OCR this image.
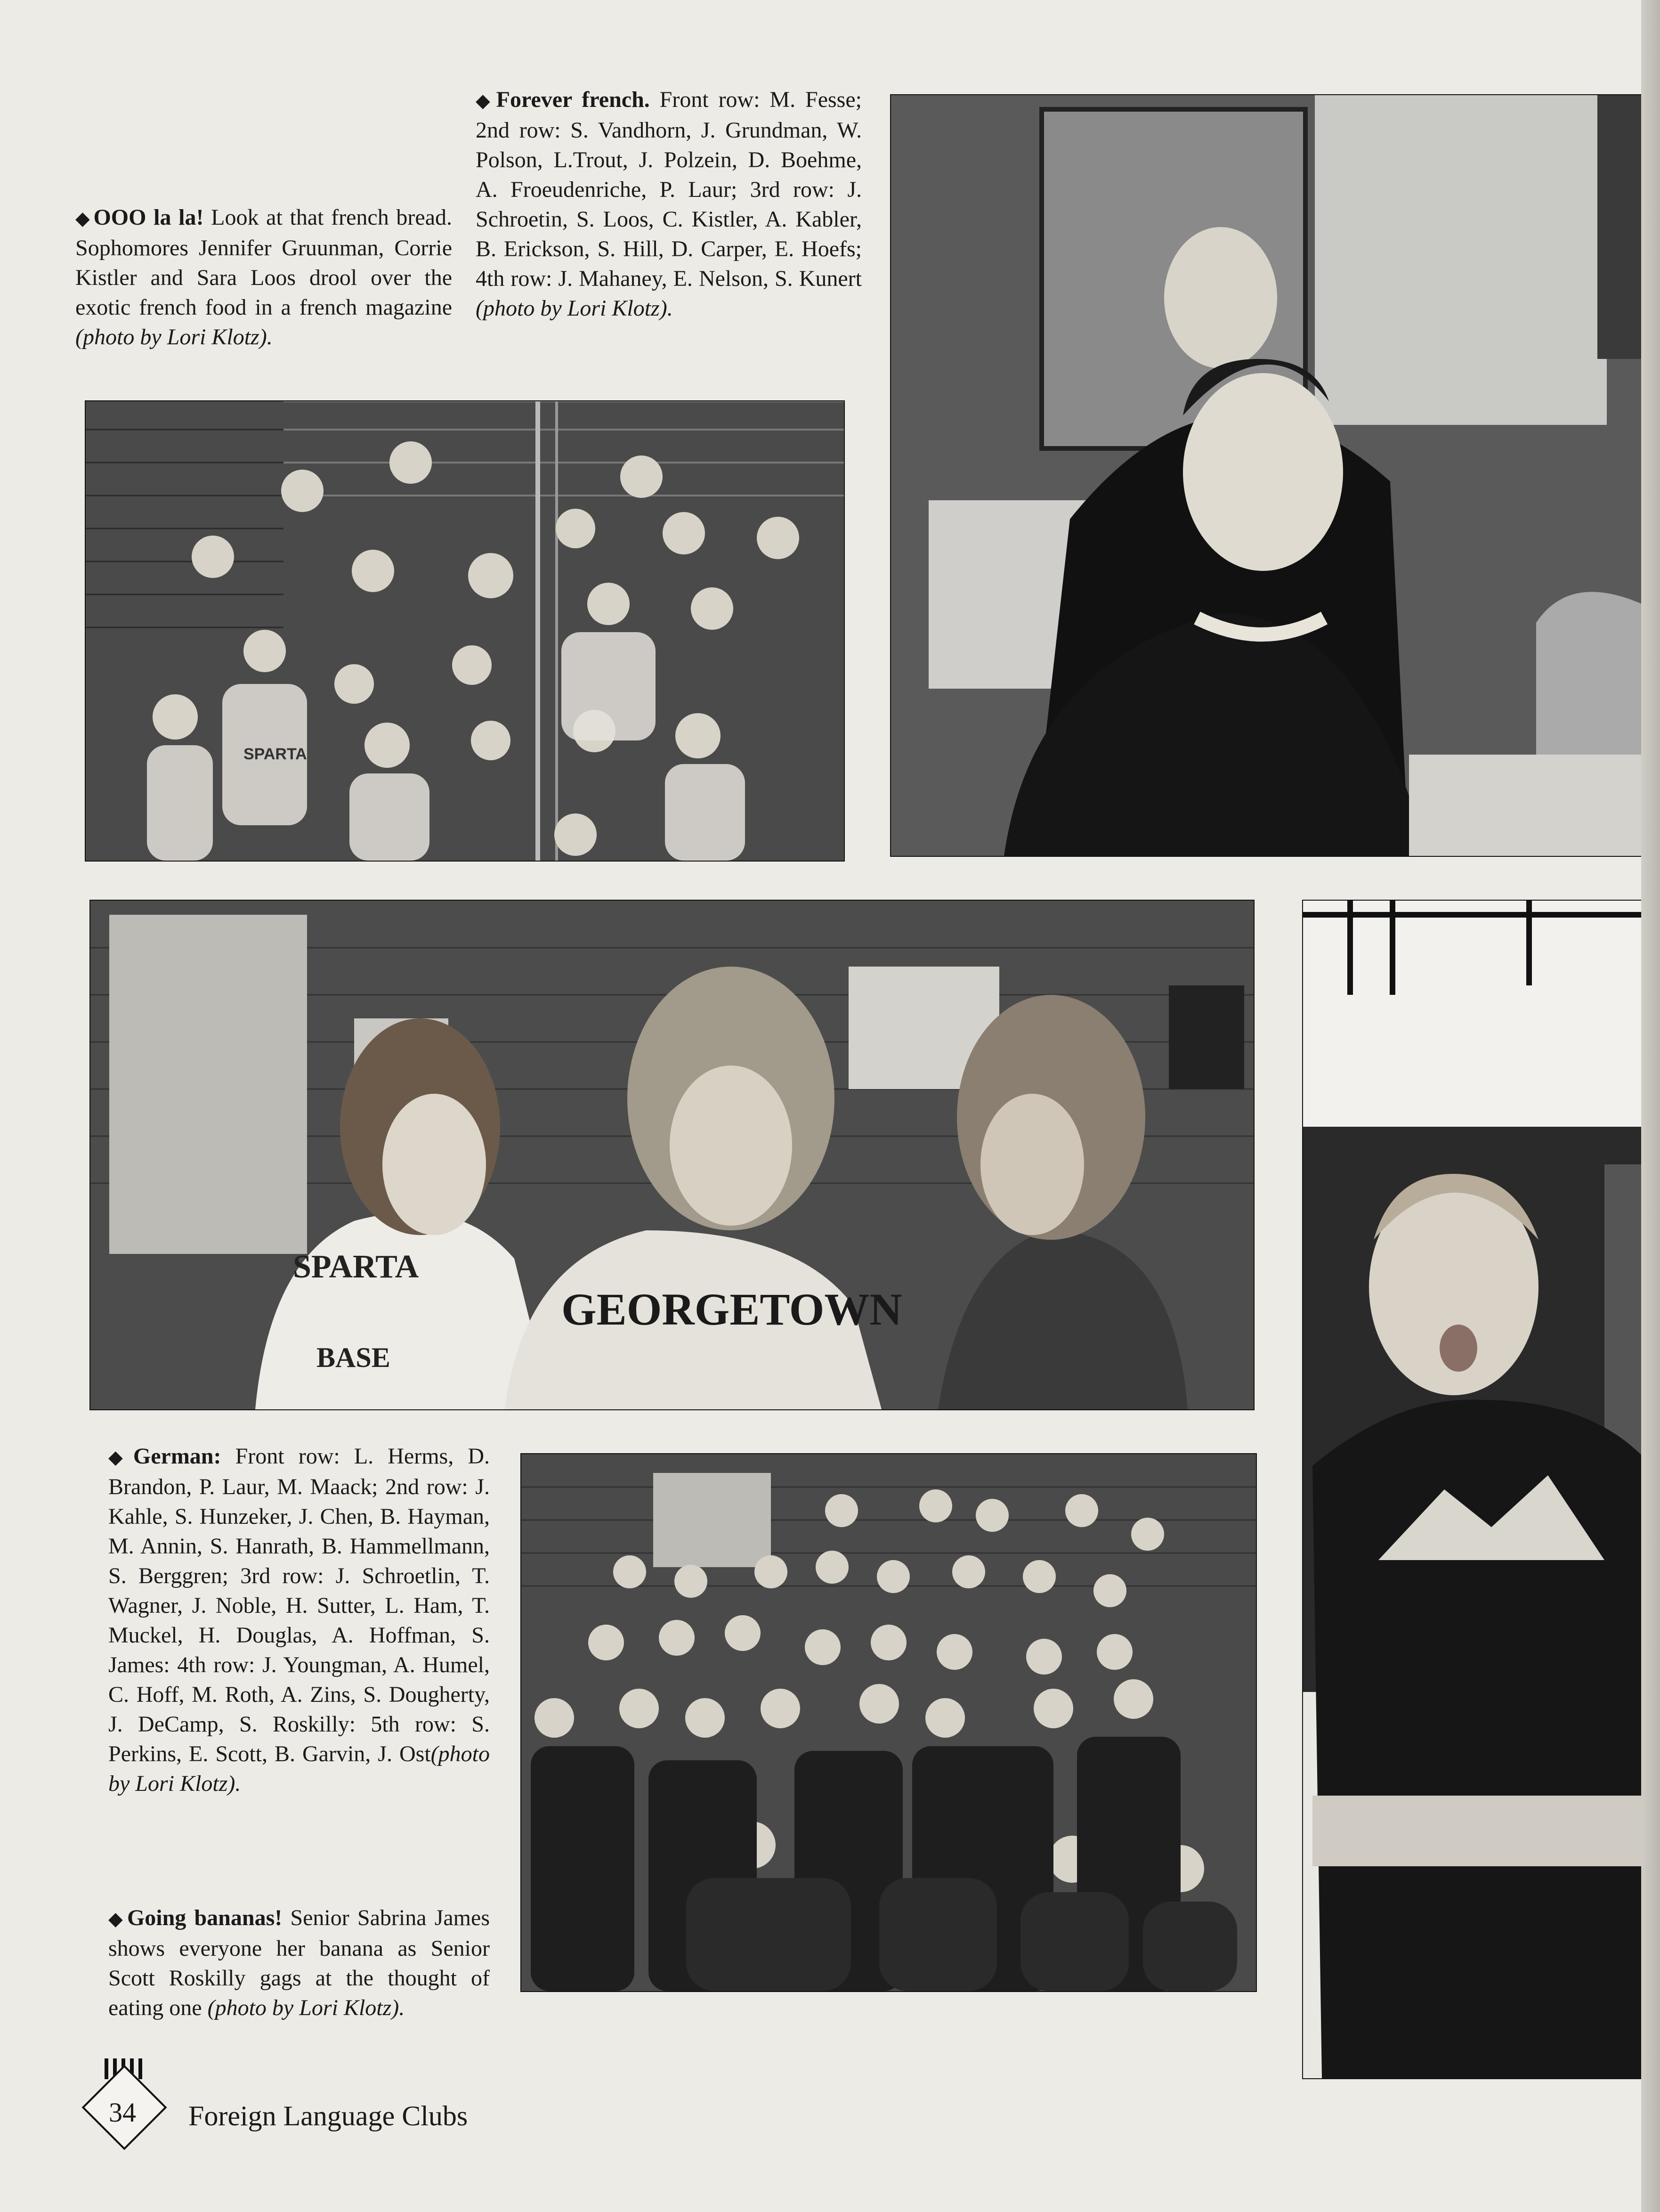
◆OOO la la! Look at that french bread. Sophomores Jennifer Gruunman, Corrie Kistler and Sara Loos drool over the exotic french food in a french magazine (photo by Lori Klotz).

◆Forever french. Front row: M. Fesse; 2nd row: S. Vandhorn, J. Grundman, W. Polson, L.Trout, J. Polzein, D. Boehme, A. Froeudenriche, P. Laur; 3rd row: J. Schroetin, S. Loos, C. Kistler, A. Kabler, B. Erickson, S. Hill, D. Carper, E. Hoefs; 4th row: J. Mahaney, E. Nelson, S. Kunert (photo by Lori Klotz).

SPARTA
SPARTA
BASE
GEORGETOWN

◆German: Front row: L. Herms, D. Brandon, P. Laur, M. Maack; 2nd row: J. Kahle, S. Hunzeker, J. Chen, B. Hayman, M. Annin, S. Hanrath, B. Hammellmann, S. Berggren; 3rd row: J. Schroetlin, T. Wagner, J. Noble, H. Sutter, L. Ham, T. Muckel, H. Douglas, A. Hoffman, S. James: 4th row: J. Youngman, A. Humel, C. Hoff, M. Roth, A. Zins, S. Dougherty, J. DeCamp, S. Roskilly: 5th row: S. Perkins, E. Scott, B. Garvin, J. Ost(photo by Lori Klotz).

◆Going bananas! Senior Sabrina James shows everyone her banana as Senior Scott Roskilly gags at the thought of eating one (photo by Lori Klotz).

34	Foreign Language Clubs
